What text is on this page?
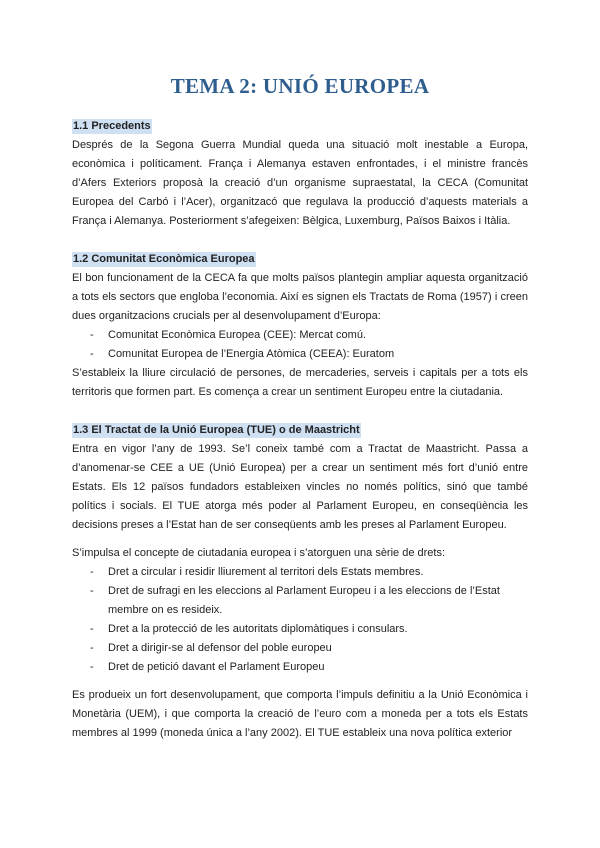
TEMA 2: UNIÓ EUROPEA
1.1 Precedents

Després de la Segona Guerra Mundial queda una situació molt inestable a Europa, econòmica i políticament. França i Alemanya estaven enfrontades, i el ministre francès d’Afers Exteriors proposà la creació d’un organisme supraestatal, la CECA (Comunitat Europea del Carbó i l’Acer), organitzacó que regulava la producció d’aquests materials a França i Alemanya. Posteriorment s’afegeixen: Bèlgica, Luxemburg, Països Baixos i Itàlia.

1.2 Comunitat Econòmica Europea

El bon funcionament de la CECA fa que molts països plantegin ampliar aquesta organització a tots els sectors que engloba l’economia. Així es signen els Tractats de Roma (1957) i creen dues organitzacions crucials per al desenvolupament d’Europa:

- Comunitat Econòmica Europea (CEE): Mercat comú.
- Comunitat Europea de l’Energia Atòmica (CEEA): Euratom

S’estableix la lliure circulació de persones, de mercaderies, serveis i capitals per a tots els territoris que formen part. Es comença a crear un sentiment Europeu entre la ciutadania.

1.3 El Tractat de la Unió Europea (TUE) o de Maastricht

Entra en vigor l’any de 1993. Se’l coneix també com a Tractat de Maastricht. Passa a d’anomenar-se CEE a UE (Unió Europea) per a crear un sentiment més fort d’unió entre Estats. Els 12 països fundadors estableixen vincles no només polítics, sinó que també polítics i socials. El TUE atorga més poder al Parlament Europeu, en conseqüència les decisions preses a l’Estat han de ser conseqüents amb les preses al Parlament Europeu.

S’impulsa el concepte de ciutadania europea i s’atorguen una sèrie de drets:

- Dret a circular i residir lliurement al territori dels Estats membres.
- Dret de sufragi en les eleccions al Parlament Europeu i a les eleccions de l’Estat membre on es resideix.
- Dret a la protecció de les autoritats diplomàtiques i consulars.
- Dret a dirigir-se al defensor del poble europeu
- Dret de petició davant el Parlament Europeu

Es produeix un fort desenvolupament, que comporta l’impuls definitiu a la Unió Econòmica i Monetària (UEM), i que comporta la creació de l’euro com a moneda per a tots els Estats membres al 1999 (moneda única a l’any 2002). El TUE estableix una nova política exterior
